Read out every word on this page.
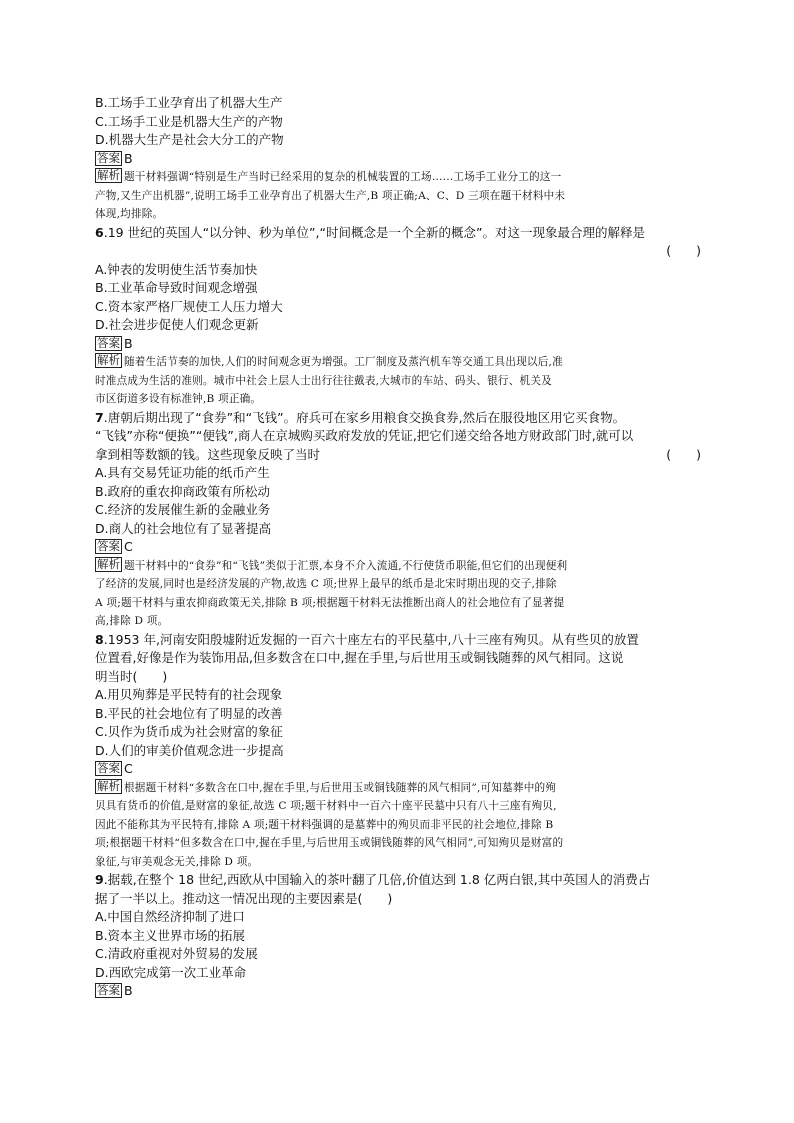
B.工场手工业孕育出了机器大生产
C.工场手工业是机器大生产的产物
D.机器大生产是社会大分工的产物
答案 B
解析 题干材料强调“特别是生产当时已经采用的复杂的机械装置的工场……工场手工业分工的这一
产物,又生产出机器”,说明工场手工业孕育出了机器大生产,B 项正确;A、C、D 三项在题干材料中未
体现,均排除。
6.19 世纪的英国人“以分钟、秒为单位”,“时间概念是一个全新的概念”。对这一现象最合理的解释是
(　　)

A.钟表的发明使生活节奏加快
B.工业革命导致时间观念增强
C.资本家严格厂规使工人压力增大
D.社会进步促使人们观念更新
答案 B
解析 随着生活节奏的加快,人们的时间观念更为增强。工厂制度及蒸汽机车等交通工具出现以后,准
时准点成为生活的准则。城市中社会上层人士出行往往戴表,大城市的车站、码头、银行、机关及
市区街道多设有标准钟,B 项正确。
7.唐朝后期出现了“食券”和“飞钱”。府兵可在家乡用粮食交换食券,然后在服役地区用它买食物。
“飞钱”亦称“便换”“便钱”,商人在京城购买政府发放的凭证,把它们递交给各地方财政部门时,就可以
(　　)
拿到相等数额的钱。这些现象反映了当时
A.具有交易凭证功能的纸币产生
B.政府的重农抑商政策有所松动
C.经济的发展催生新的金融业务
D.商人的社会地位有了显著提高
答案 C
解析 题干材料中的“食券”和“飞钱”类似于汇票,本身不介入流通,不行使货币职能,但它们的出现便利
了经济的发展,同时也是经济发展的产物,故选 C 项;世界上最早的纸币是北宋时期出现的交子,排除
A 项;题干材料与重农抑商政策无关,排除 B 项;根据题干材料无法推断出商人的社会地位有了显著提
高,排除 D 项。
8.1953 年,河南安阳殷墟附近发掘的一百六十座左右的平民墓中,八十三座有殉贝。从有些贝的放置
位置看,好像是作为装饰用品,但多数含在口中,握在手里,与后世用玉或铜钱随葬的风气相同。这说
明当时(　　)
A.用贝殉葬是平民特有的社会现象
B.平民的社会地位有了明显的改善
C.贝作为货币成为社会财富的象征
D.人们的审美价值观念进一步提高
答案 C
解析 根据题干材料“多数含在口中,握在手里,与后世用玉或铜钱随葬的风气相同”,可知墓葬中的殉
贝具有货币的价值,是财富的象征,故选 C 项;题干材料中一百六十座平民墓中只有八十三座有殉贝,
因此不能称其为平民特有,排除 A 项;题干材料强调的是墓葬中的殉贝而非平民的社会地位,排除 B
项;根据题干材料“但多数含在口中,握在手里,与后世用玉或铜钱随葬的风气相同”,可知殉贝是财富的
象征,与审美观念无关,排除 D 项。
9.据载,在整个 18 世纪,西欧从中国输入的茶叶翻了几倍,价值达到 1.8 亿两白银,其中英国人的消费占
据了一半以上。推动这一情况出现的主要因素是(　　)
A.中国自然经济抑制了进口
B.资本主义世界市场的拓展
C.清政府重视对外贸易的发展
D.西欧完成第一次工业革命
答案 B
